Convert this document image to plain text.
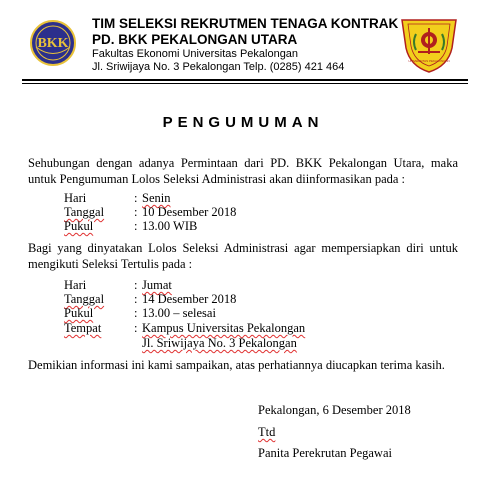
BKK
UNIVERSITAS PEKALONGAN
TIM SELEKSI REKRUTMEN TENAGA KONTRAK
PD. BKK PEKALONGAN UTARA
Fakultas Ekonomi Universitas Pekalongan
Jl. Sriwijaya No. 3 Pekalongan Telp. (0285) 421 464
PENGUMUMAN
Sehubungan dengan adanya Permintaan dari PD. BKK Pekalongan Utara, maka untuk Pengumuman Lolos Seleksi Administrasi akan diinformasikan pada :
Hari	: Senin
Tanggal : 10 Desember 2018
Pukul	: 13.00 WIB
Bagi yang dinyatakan Lolos Seleksi Administrasi agar mempersiapkan diri untuk mengikuti Seleksi Tertulis pada :
Hari	: Jumat
Tanggal : 14 Desember 2018
Pukul	: 13.00 – selesai
Tempat	: Kampus Universitas Pekalongan
Jl. Sriwijaya No. 3 Pekalongan
Demikian informasi ini kami sampaikan, atas perhatiannya diucapkan terima kasih.
Pekalongan, 6 Desember 2018
Ttd
Panita Perekrutan Pegawai
